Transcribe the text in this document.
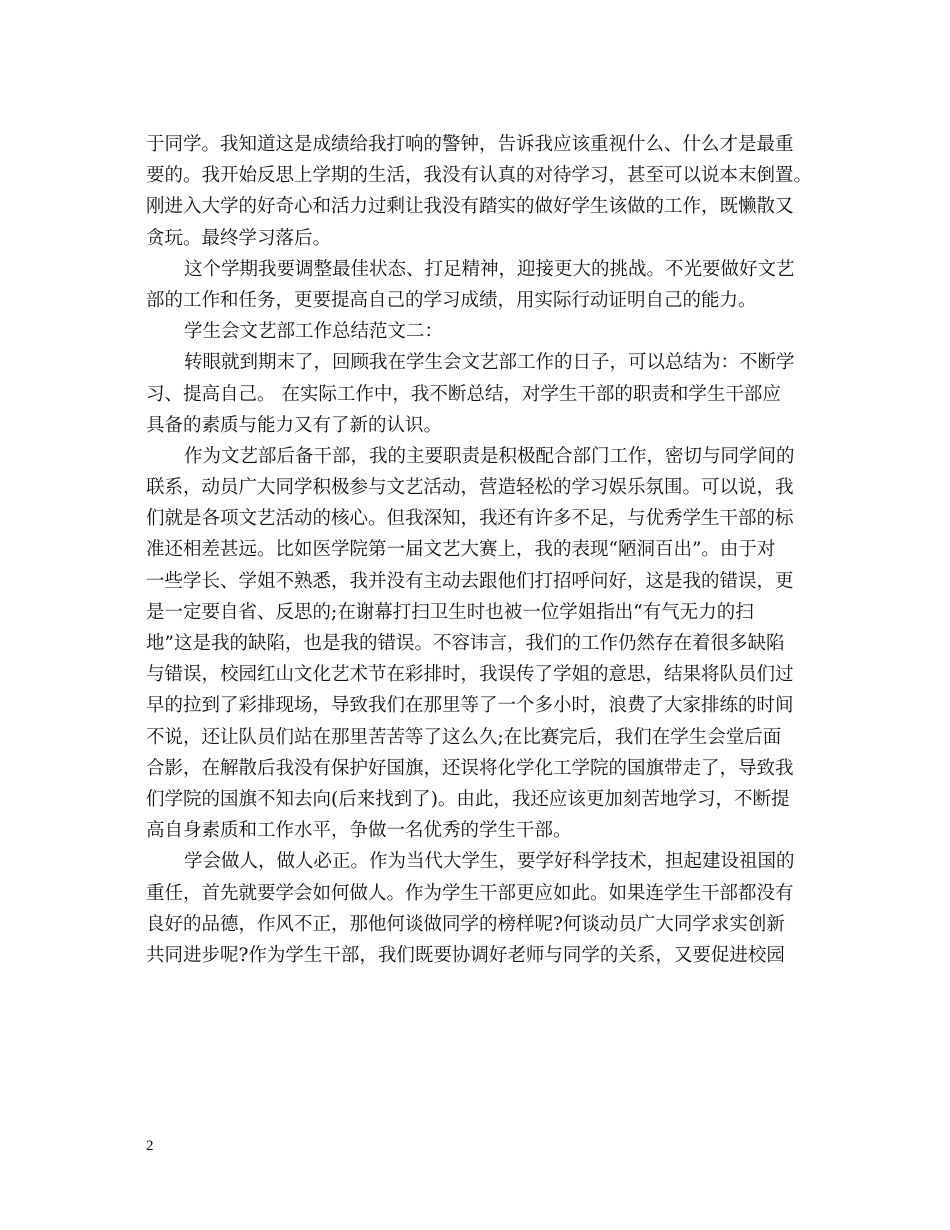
于同学。我知道这是成绩给我打响的警钟，告诉我应该重视什么、什么才是最重
要的。我开始反思上学期的生活，我没有认真的对待学习，甚至可以说本末倒置。
刚进入大学的好奇心和活力过剩让我没有踏实的做好学生该做的工作，既懒散又
贪玩。最终学习落后。
这个学期我要调整最佳状态、打足精神，迎接更大的挑战。不光要做好文艺
部的工作和任务，更要提高自己的学习成绩，用实际行动证明自己的能力。
学生会文艺部工作总结范文二：
转眼就到期末了，回顾我在学生会文艺部工作的日子，可以总结为：不断学
习、提高自己。 在实际工作中，我不断总结，对学生干部的职责和学生干部应
具备的素质与能力又有了新的认识。
作为文艺部后备干部，我的主要职责是积极配合部门工作，密切与同学间的
联系，动员广大同学积极参与文艺活动，营造轻松的学习娱乐氛围。可以说，我
们就是各项文艺活动的核心。但我深知，我还有许多不足，与优秀学生干部的标
准还相差甚远。比如医学院第一届文艺大赛上，我的表现“陋洞百出”。由于对
一些学长、学姐不熟悉，我并没有主动去跟他们打招呼问好，这是我的错误，更
是一定要自省、反思的;在谢幕打扫卫生时也被一位学姐指出“有气无力的扫
地”这是我的缺陷，也是我的错误。不容讳言，我们的工作仍然存在着很多缺陷
与错误，校园红山文化艺术节在彩排时，我误传了学姐的意思，结果将队员们过
早的拉到了彩排现场，导致我们在那里等了一个多小时，浪费了大家排练的时间
不说，还让队员们站在那里苦苦等了这么久;在比赛完后，我们在学生会堂后面
合影，在解散后我没有保护好国旗，还误将化学化工学院的国旗带走了，导致我
们学院的国旗不知去向(后来找到了)。由此，我还应该更加刻苦地学习，不断提
高自身素质和工作水平，争做一名优秀的学生干部。
学会做人，做人必正。作为当代大学生，要学好科学技术，担起建设祖国的
重任，首先就要学会如何做人。作为学生干部更应如此。如果连学生干部都没有
良好的品德，作风不正，那他何谈做同学的榜样呢?何谈动员广大同学求实创新
共同进步呢?作为学生干部，我们既要协调好老师与同学的关系，又要促进校园
2
